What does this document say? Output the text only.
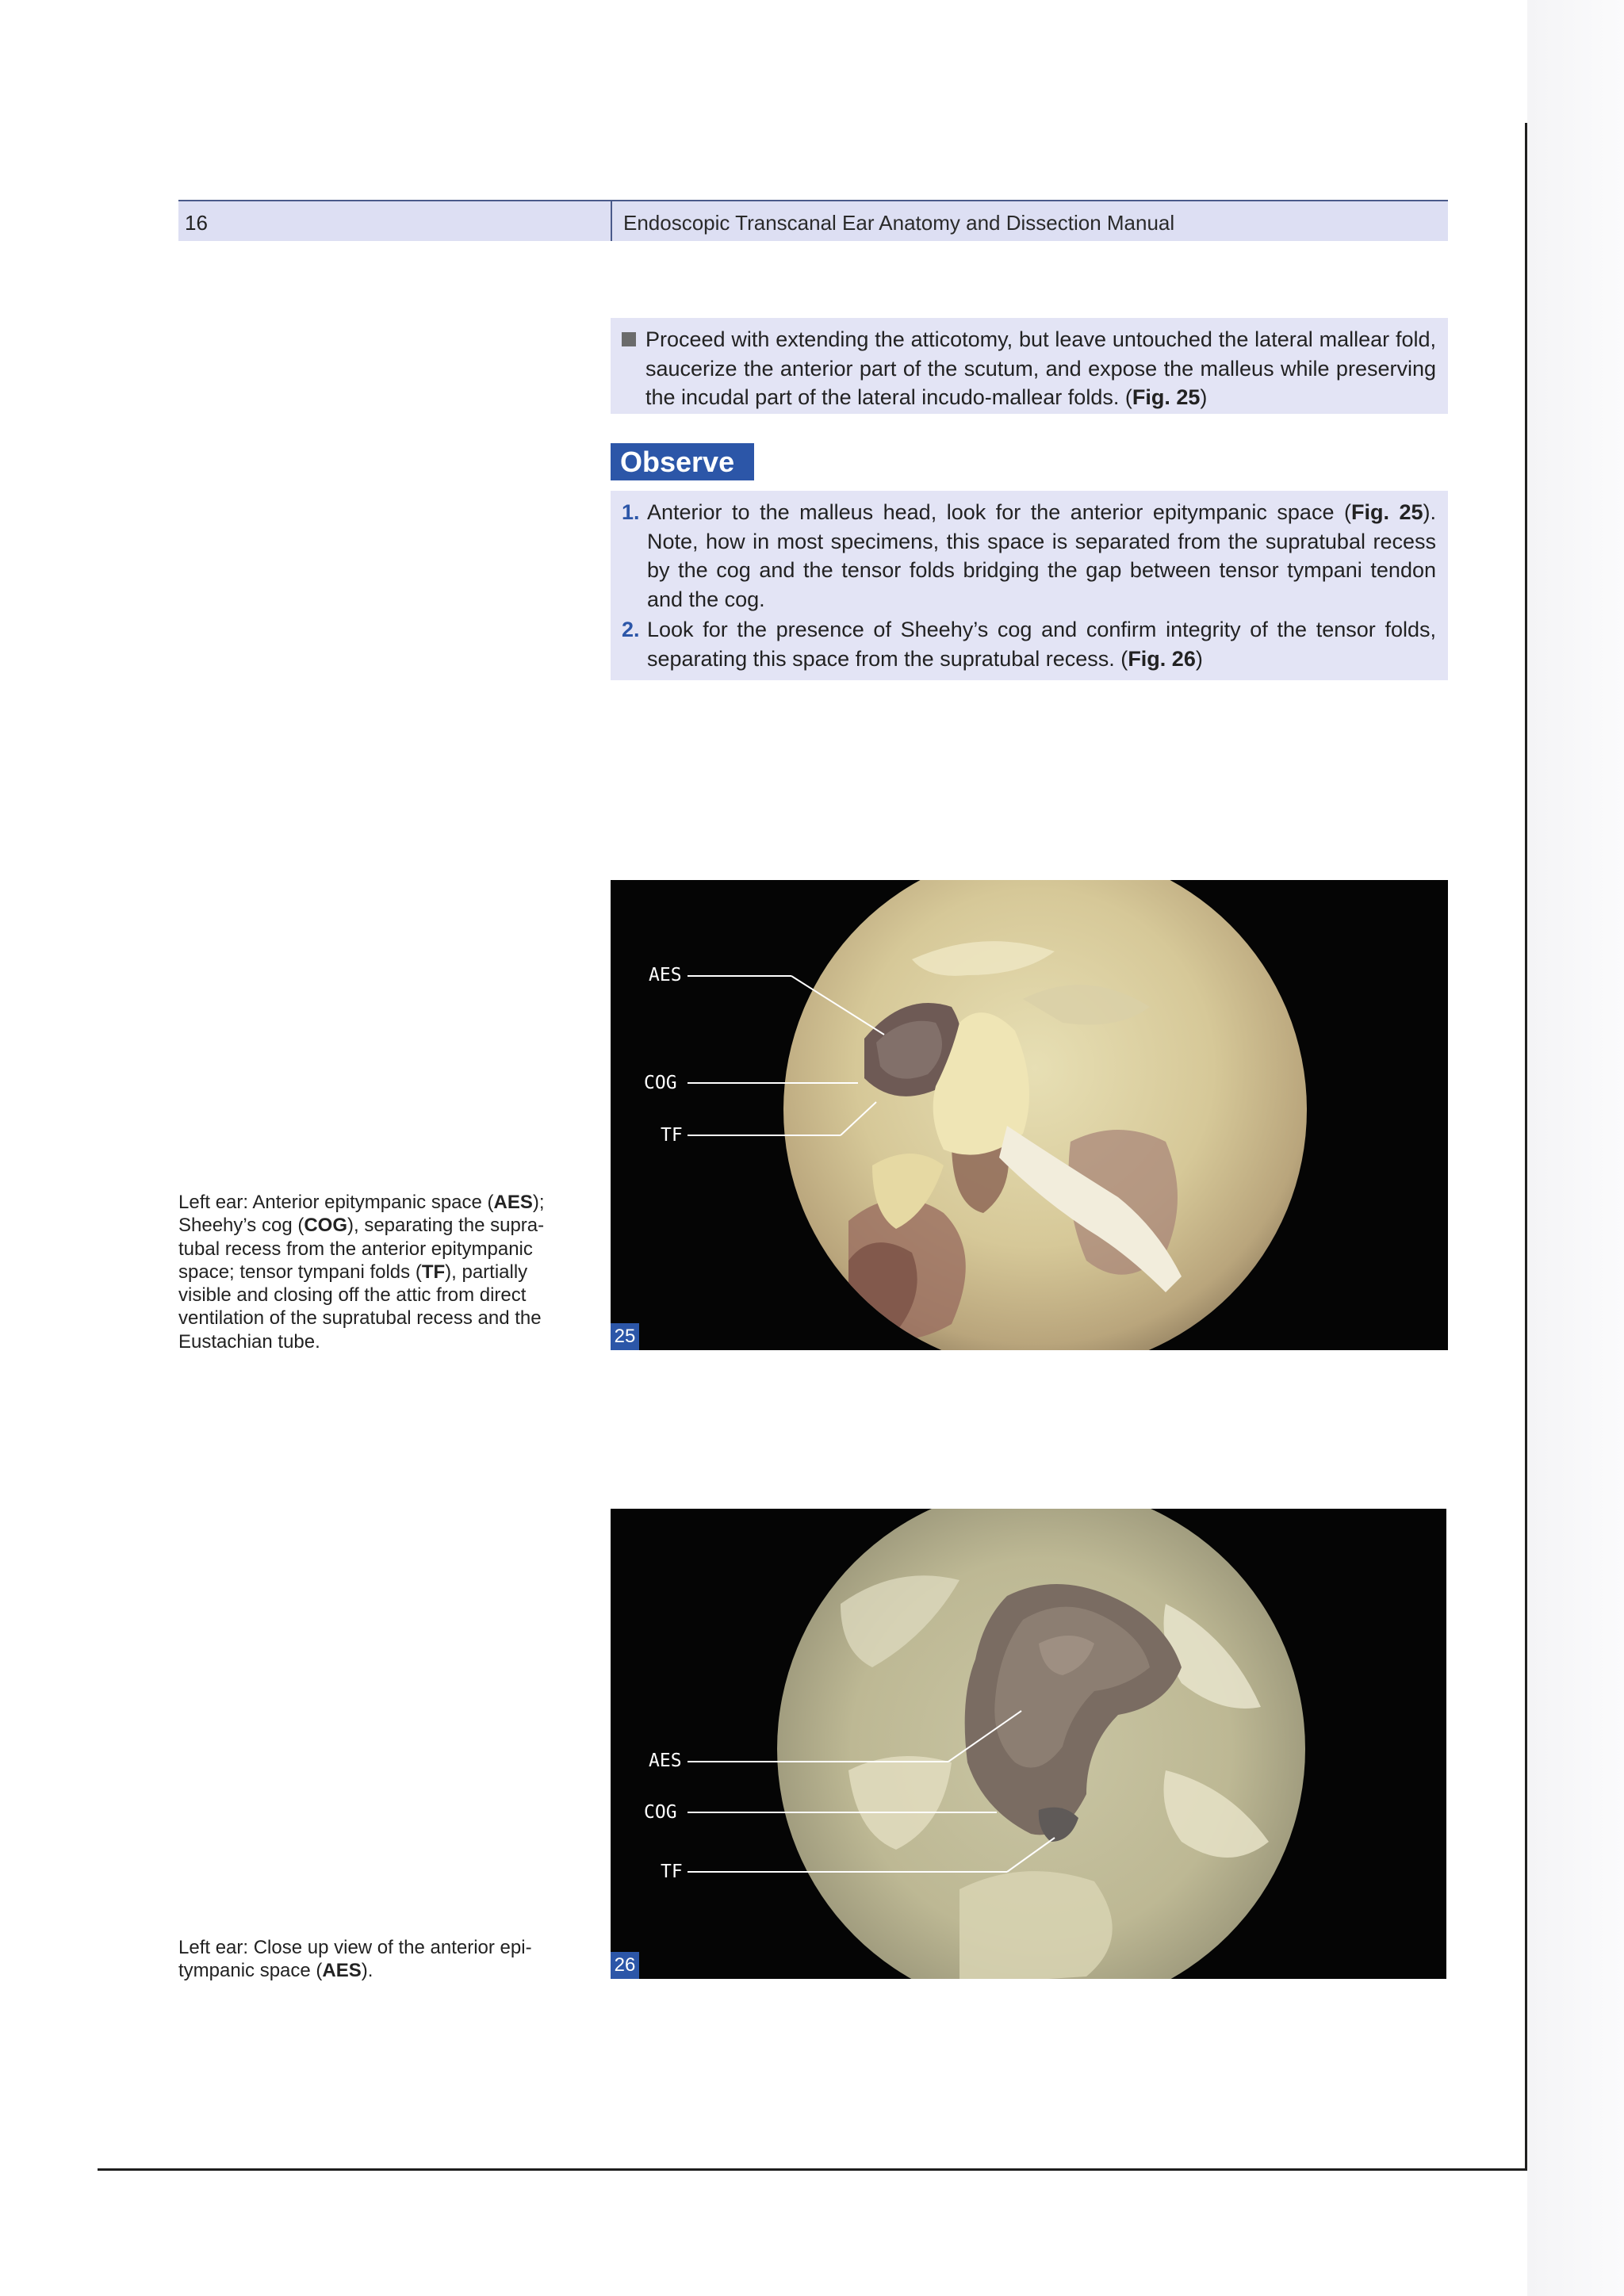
16	Endoscopic Transcanal Ear Anatomy and Dissection Manual
Proceed with extending the atticotomy, but leave untouched the lateral mallear fold, saucerize the anterior part of the scutum, and expose the malleus while preserving the incudal part of the lateral incudo-mallear folds. (Fig. 25)
Observe
1. Anterior to the malleus head, look for the anterior epitympanic space (Fig. 25). Note, how in most specimens, this space is separated from the supratubal recess by the cog and the tensor folds bridging the gap between tensor tympani tendon and the cog.
2. Look for the presence of Sheehy’s cog and confirm integrity of the tensor folds, separating this space from the supratubal recess. (Fig. 26)
AES
COG
TF
25
Left ear: Anterior epitympanic space (AES); Sheehy’s cog (COG), separating the supra-tubal recess from the anterior epitympanic space; tensor tympani folds (TF), partially visible and closing off the attic from direct ventilation of the supratubal recess and the Eustachian tube.
AES
COG
TF
26
Left ear: Close up view of the anterior epi-tympanic space (AES).
